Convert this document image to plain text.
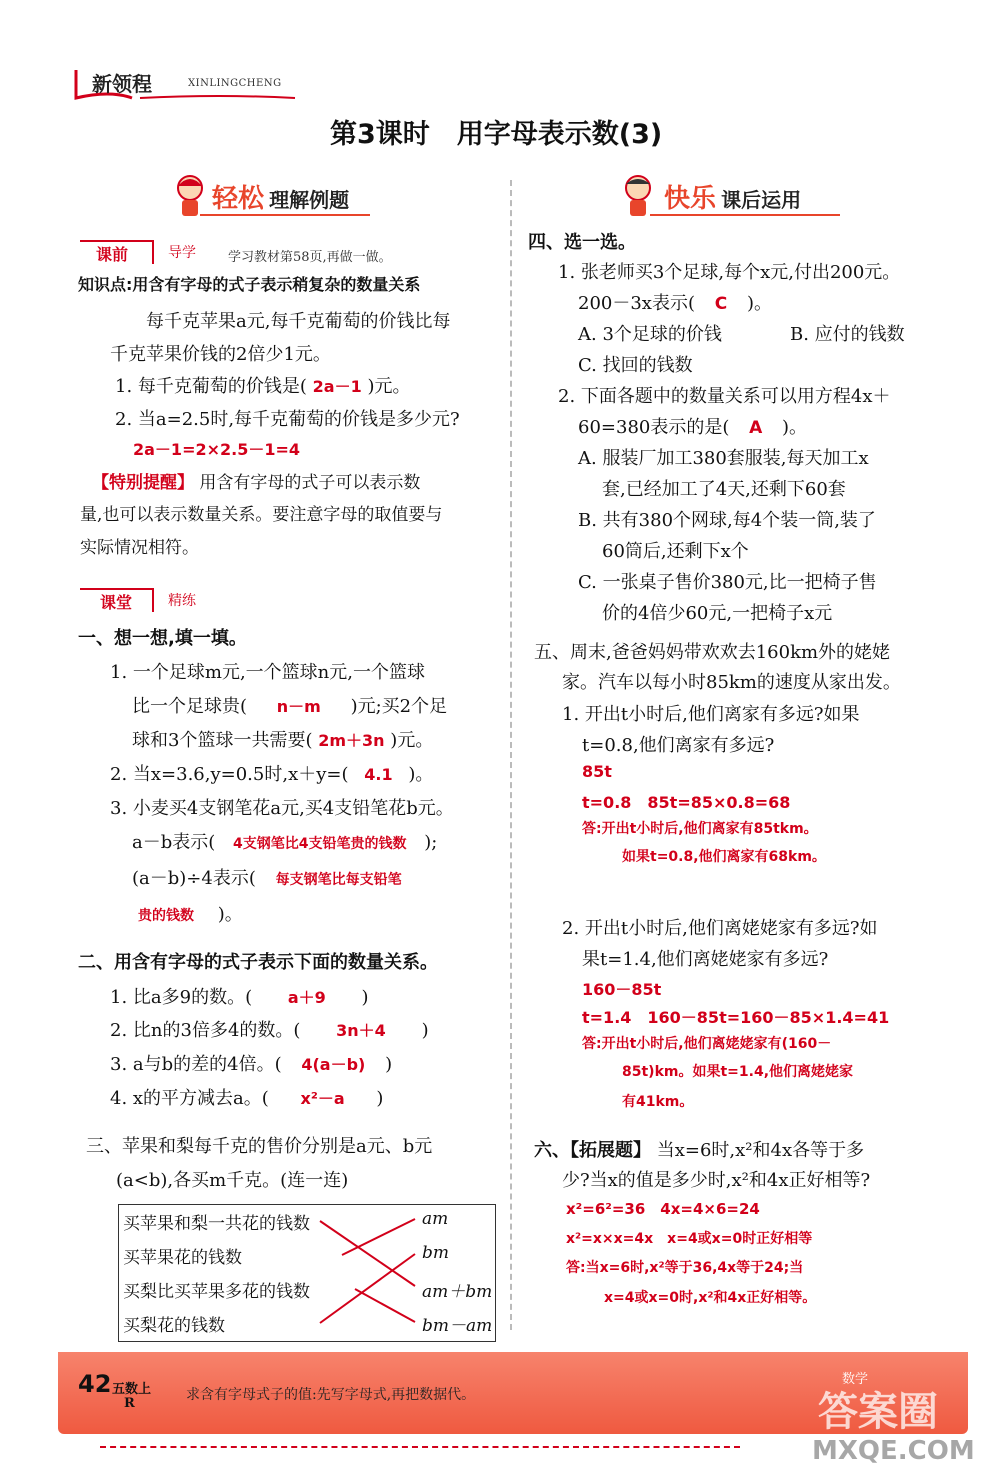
新领程	XINLINGCHENG
第3课时　用字母表示数(3)
轻松 理解例题
课前	导学 学习教材第58页,再做一做。
知识点:用含有字母的式子表示稍复杂的数量关系
每千克苹果a元,每千克葡萄的价钱比每
千克苹果价钱的2倍少1元。
1. 每千克葡萄的价钱是( 2a－1 )元。
2. 当a=2.5时,每千克葡萄的价钱是多少元?
2a－1=2×2.5－1=4
【特别提醒】 用含有字母的式子可以表示数
量,也可以表示数量关系。要注意字母的取值要与
实际情况相符。
课堂	精练
一、想一想,填一填。
1. 一个足球m元,一个篮球n元,一个篮球
比一个足球贵( n－m )元;买2个足
球和3个篮球一共需要( 2m＋3n )元。
2. 当x=3.6,y=0.5时,x＋y=( 4.1 )。
3. 小麦买4支钢笔花a元,买4支铅笔花b元。
a－b表示( 4支钢笔比4支铅笔贵的钱数 );
(a－b)÷4表示( 每支钢笔比每支铅笔
贵的钱数 )。
二、用含有字母的式子表示下面的数量关系。
1. 比a多9的数。( a＋9 )
2. 比n的3倍多4的数。( 3n＋4 )
3. a与b的差的4倍。( 4(a－b) )
4. x的平方减去a。( x²－a )
三、苹果和梨每千克的售价分别是a元、b元
(a<b),各买m千克。(连一连)
买苹果和梨一共花的钱数
买苹果花的钱数
买梨比买苹果多花的钱数
买梨花的钱数
am
bm
am＋bm
bm－am
快乐 课后运用
四、选一选。
1. 张老师买3个足球,每个x元,付出200元。
200－3x表示( C )。
A. 3个足球的价钱	B. 应付的钱数
C. 找回的钱数
2. 下面各题中的数量关系可以用方程4x＋
60=380表示的是( A )。
A. 服装厂加工380套服装,每天加工x
套,已经加工了4天,还剩下60套
B. 共有380个网球,每4个装一筒,装了
60筒后,还剩下x个
C. 一张桌子售价380元,比一把椅子售
价的4倍少60元,一把椅子x元
五、周末,爸爸妈妈带欢欢去160km外的姥姥
家。汽车以每小时85km的速度从家出发。
1. 开出t小时后,他们离家有多远?如果
t=0.8,他们离家有多远?
85t
t=0.8　85t=85×0.8=68
答:开出t小时后,他们离家有85tkm。
如果t=0.8,他们离家有68km。
2. 开出t小时后,他们离姥姥家有多远?如
果t=1.4,他们离姥姥家有多远?
160－85t
t=1.4　160－85t=160－85×1.4=41
答:开出t小时后,他们离姥姥家有(160－
85t)km。如果t=1.4,他们离姥姥家
有41km。
六、【拓展题】 当x=6时,x²和4x各等于多
少?当x的值是多少时,x²和4x正好相等?
x²=6²=36　4x=4×6=24
x²=x×x=4x　x=4或x=0时正好相等
答:当x=6时,x²等于36,4x等于24;当
x=4或x=0时,x²和4x正好相等。
42 五数上
R
求含有字母式子的值:先写字母式,再把数据代。
数学
答案圈
MXQE.COM
